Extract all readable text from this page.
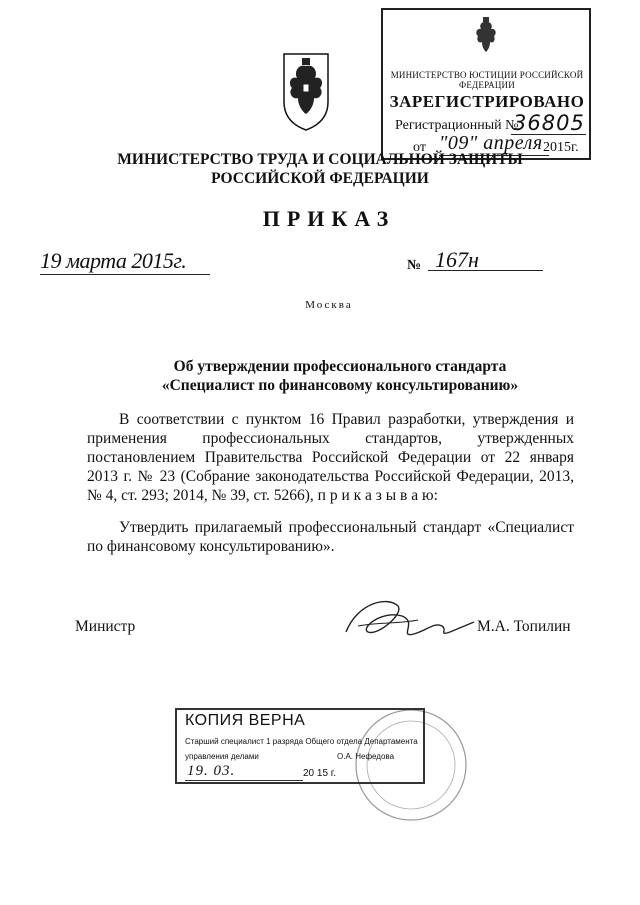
МИНИСТЕРСТВО ЮСТИЦИИ РОССИЙСКОЙ ФЕДЕРАЦИИ
ЗАРЕГИСТРИРОВАНО
Регистрационный №
36805
от "09" апреля 2015г.
МИНИСТЕРСТВО ТРУДА И СОЦИАЛЬНОЙ ЗАЩИТЫ
РОССИЙСКОЙ ФЕДЕРАЦИИ
ПРИКАЗ
19 марта 2015г.	№ 167н
Москва
Об утверждении профессионального стандарта
«Специалист по финансовому консультированию»
В соответствии с пунктом 16 Правил разработки, утверждения и применения профессиональных стандартов, утвержденных постановлением Правительства Российской Федерации от 22 января 2013 г. № 23 (Собрание законодательства Российской Федерации, 2013, № 4, ст. 293; 2014, № 39, ст. 5266), п р и к а з ы в а ю:
Утвердить прилагаемый профессиональный стандарт «Специалист по финансовому консультированию».
Министр	М.А. Топилин
КОПИЯ ВЕРНА
Старший специалист 1 разряда Общего отдела Департамента
управления делами	О.А. Нефедова
19. 03.	20 15 г.
